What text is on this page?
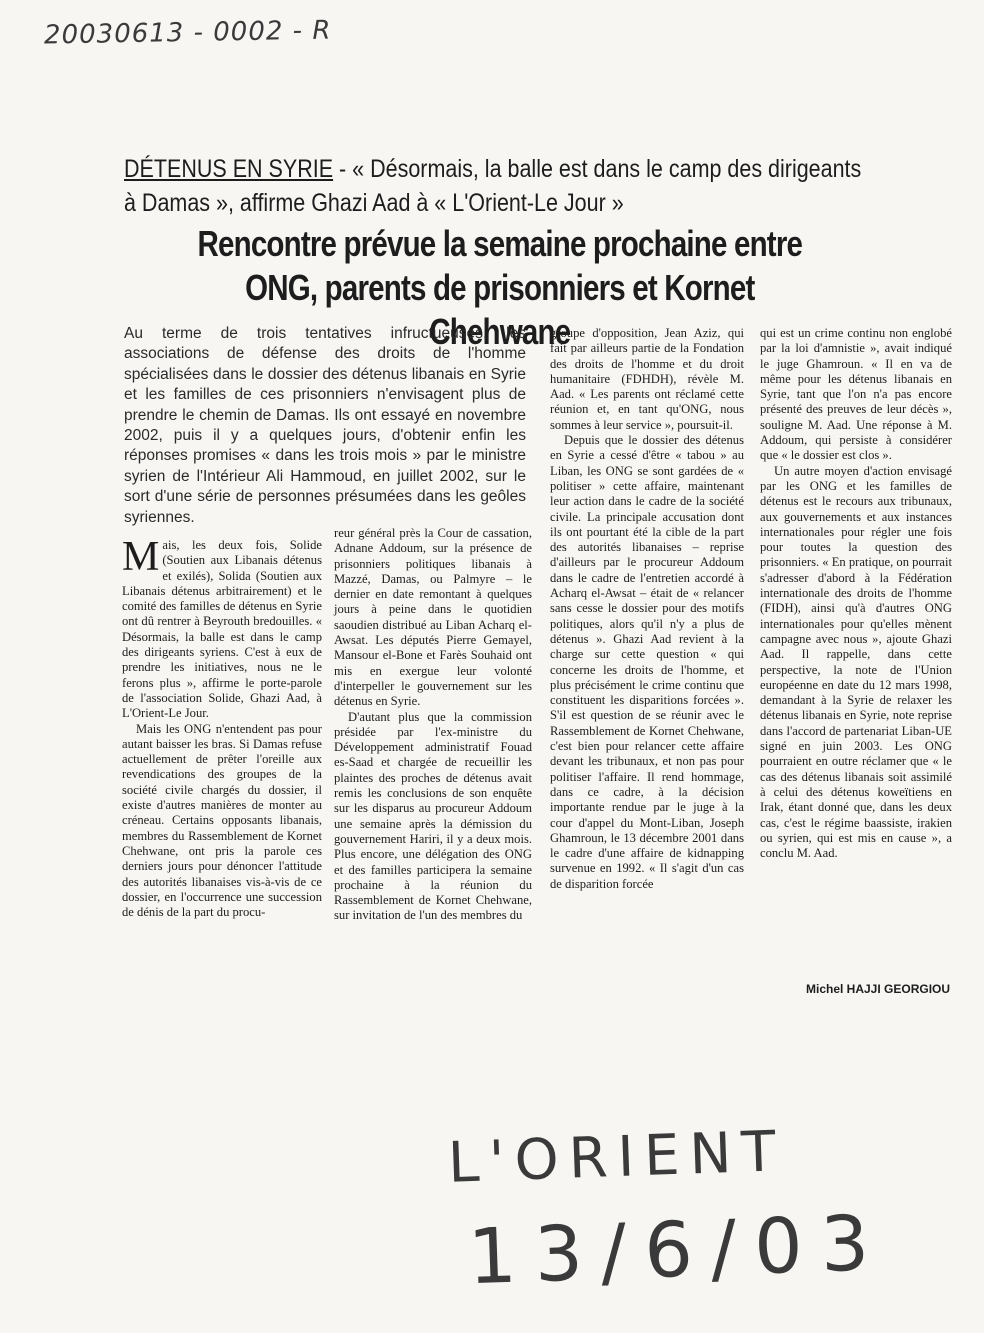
20030613 - 0002 - R
DÉTENUS EN SYRIE - « Désormais, la balle est dans le camp des dirigeants à Damas », affirme Ghazi Aad à « L'Orient-Le Jour »
Rencontre prévue la semaine prochaine entre ONG, parents de prisonniers et Kornet Chehwane
Au terme de trois tentatives infructueuses, les associations de défense des droits de l'homme spécialisées dans le dossier des détenus libanais en Syrie et les familles de ces prisonniers n'envisagent plus de prendre le chemin de Damas. Ils ont essayé en novembre 2002, puis il y a quelques jours, d'obtenir enfin les réponses promises « dans les trois mois » par le ministre syrien de l'Intérieur Ali Hammoud, en juillet 2002, sur le sort d'une série de personnes présumées dans les geôles syriennes.

Mais, les deux fois, Solide (Soutien aux Libanais détenus et exilés), Solida (Soutien aux Libanais détenus arbitrairement) et le comité des familles de détenus en Syrie ont dû rentrer à Beyrouth bredouilles. « Désormais, la balle est dans le camp des dirigeants syriens. C'est à eux de prendre les initiatives, nous ne le ferons plus », affirme le porte-parole de l'association Solide, Ghazi Aad, à L'Orient-Le Jour.

Mais les ONG n'entendent pas pour autant baisser les bras. Si Damas refuse actuellement de prêter l'oreille aux revendications des groupes de la société civile chargés du dossier, il existe d'autres manières de monter au créneau. Certains opposants libanais, membres du Rassemblement de Kornet Chehwane, ont pris la parole ces derniers jours pour dénoncer l'attitude des autorités libanaises vis-à-vis de ce dossier, en l'occurrence une succession de dénis de la part du procu-

reur général près la Cour de cassation, Adnane Addoum, sur la présence de prisonniers politiques libanais à Mazzé, Damas, ou Palmyre – le dernier en date remontant à quelques jours à peine dans le quotidien saoudien distribué au Liban Acharq el-Awsat. Les députés Pierre Gemayel, Mansour el-Bone et Farès Souhaid ont mis en exergue leur volonté d'interpeller le gouvernement sur les détenus en Syrie.

D'autant plus que la commission présidée par l'ex-ministre du Développement administratif Fouad es-Saad et chargée de recueillir les plaintes des proches de détenus avait remis les conclusions de son enquête sur les disparus au procureur Addoum une semaine après la démission du gouvernement Hariri, il y a deux mois. Plus encore, une délégation des ONG et des familles participera la semaine prochaine à la réunion du Rassemblement de Kornet Chehwane, sur invitation de l'un des membres du

groupe d'opposition, Jean Aziz, qui fait par ailleurs partie de la Fondation des droits de l'homme et du droit humanitaire (FDHDH), révèle M. Aad. « Les parents ont réclamé cette réunion et, en tant qu'ONG, nous sommes à leur service », poursuit-il.

Depuis que le dossier des détenus en Syrie a cessé d'être « tabou » au Liban, les ONG se sont gardées de « politiser » cette affaire, maintenant leur action dans le cadre de la société civile. La principale accusation dont ils ont pourtant été la cible de la part des autorités libanaises – reprise d'ailleurs par le procureur Addoum dans le cadre de l'entretien accordé à Acharq el-Awsat – était de « relancer sans cesse le dossier pour des motifs politiques, alors qu'il n'y a plus de détenus ». Ghazi Aad revient à la charge sur cette question « qui concerne les droits de l'homme, et plus précisément le crime continu que constituent les disparitions forcées ». S'il est question de se réunir avec le Rassemblement de Kornet Chehwane, c'est bien pour relancer cette affaire devant les tribunaux, et non pas pour politiser l'affaire. Il rend hommage, dans ce cadre, à la décision importante rendue par le juge à la cour d'appel du Mont-Liban, Joseph Ghamroun, le 13 décembre 2001 dans le cadre d'une affaire de kidnapping survenue en 1992. « Il s'agit d'un cas de disparition forcée

qui est un crime continu non englobé par la loi d'amnistie », avait indiqué le juge Ghamroun. « Il en va de même pour les détenus libanais en Syrie, tant que l'on n'a pas encore présenté des preuves de leur décès », souligne M. Aad. Une réponse à M. Addoum, qui persiste à considérer que « le dossier est clos ».

Un autre moyen d'action envisagé par les ONG et les familles de détenus est le recours aux tribunaux, aux gouvernements et aux instances internationales pour régler une fois pour toutes la question des prisonniers. « En pratique, on pourrait s'adresser d'abord à la Fédération internationale des droits de l'homme (FIDH), ainsi qu'à d'autres ONG internationales pour qu'elles mènent campagne avec nous », ajoute Ghazi Aad. Il rappelle, dans cette perspective, la note de l'Union européenne en date du 12 mars 1998, demandant à la Syrie de relaxer les détenus libanais en Syrie, note reprise dans l'accord de partenariat Liban-UE signé en juin 2003. Les ONG pourraient en outre réclamer que « le cas des détenus libanais soit assimilé à celui des détenus koweïtiens en Irak, étant donné que, dans les deux cas, c'est le régime baassiste, irakien ou syrien, qui est mis en cause », a conclu M. Aad.

Michel HAJJI GEORGIOU
L'ORIENT
13/6/03
